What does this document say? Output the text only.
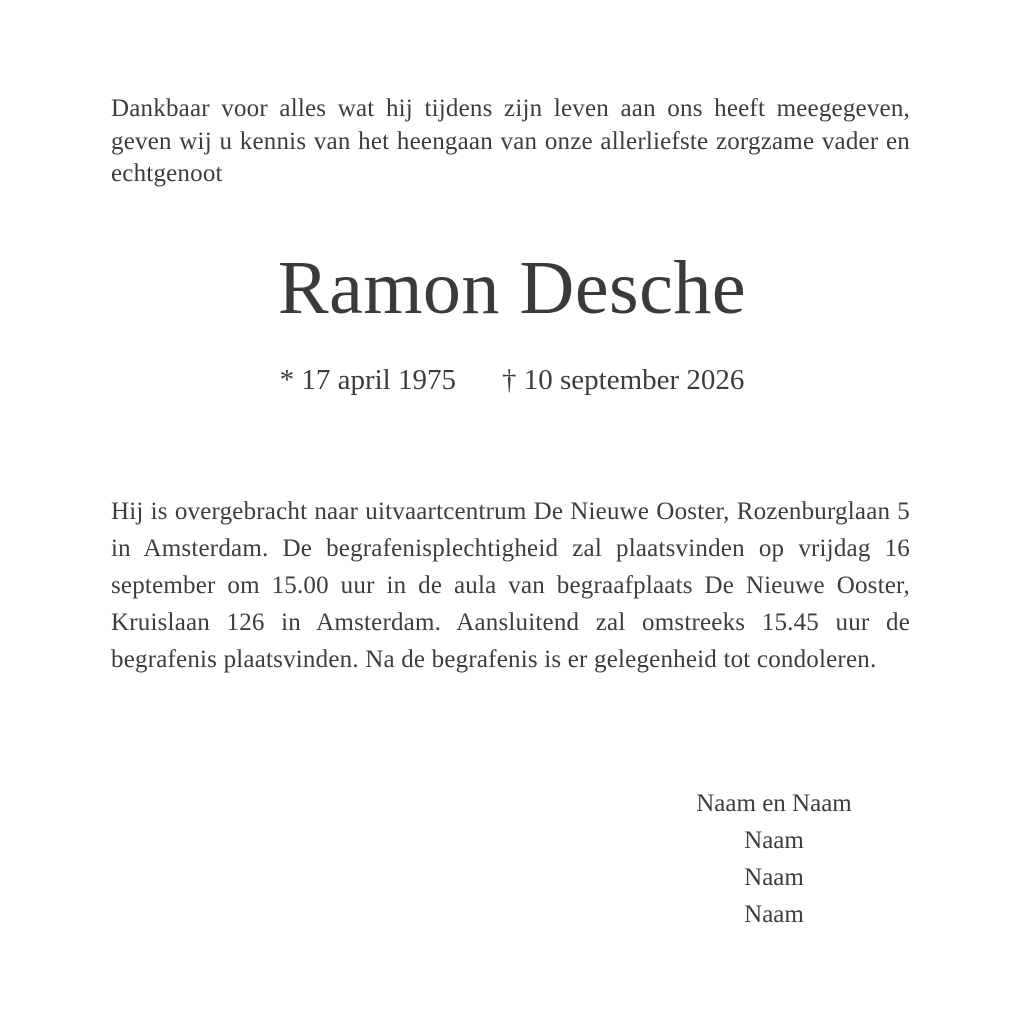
Dankbaar voor alles wat hij tijdens zijn leven aan ons heeft meegegeven, geven wij u kennis van het heengaan van onze allerliefste zorgzame vader en echtgenoot

Ramon Desche
* 17 april 1975 † 10 september 2026

Hij is overgebracht naar uitvaartcentrum De Nieuwe Ooster, Rozenburglaan 5 in Amsterdam. De begrafenisplechtigheid zal plaatsvinden op vrijdag 16 september om 15.00 uur in de aula van begraafplaats De Nieuwe Ooster, Kruislaan 126 in Amsterdam. Aansluitend zal omstreeks 15.45 uur de begrafenis plaatsvinden. Na de begrafenis is er gelegenheid tot condoleren.

Naam en Naam
Naam
Naam
Naam
